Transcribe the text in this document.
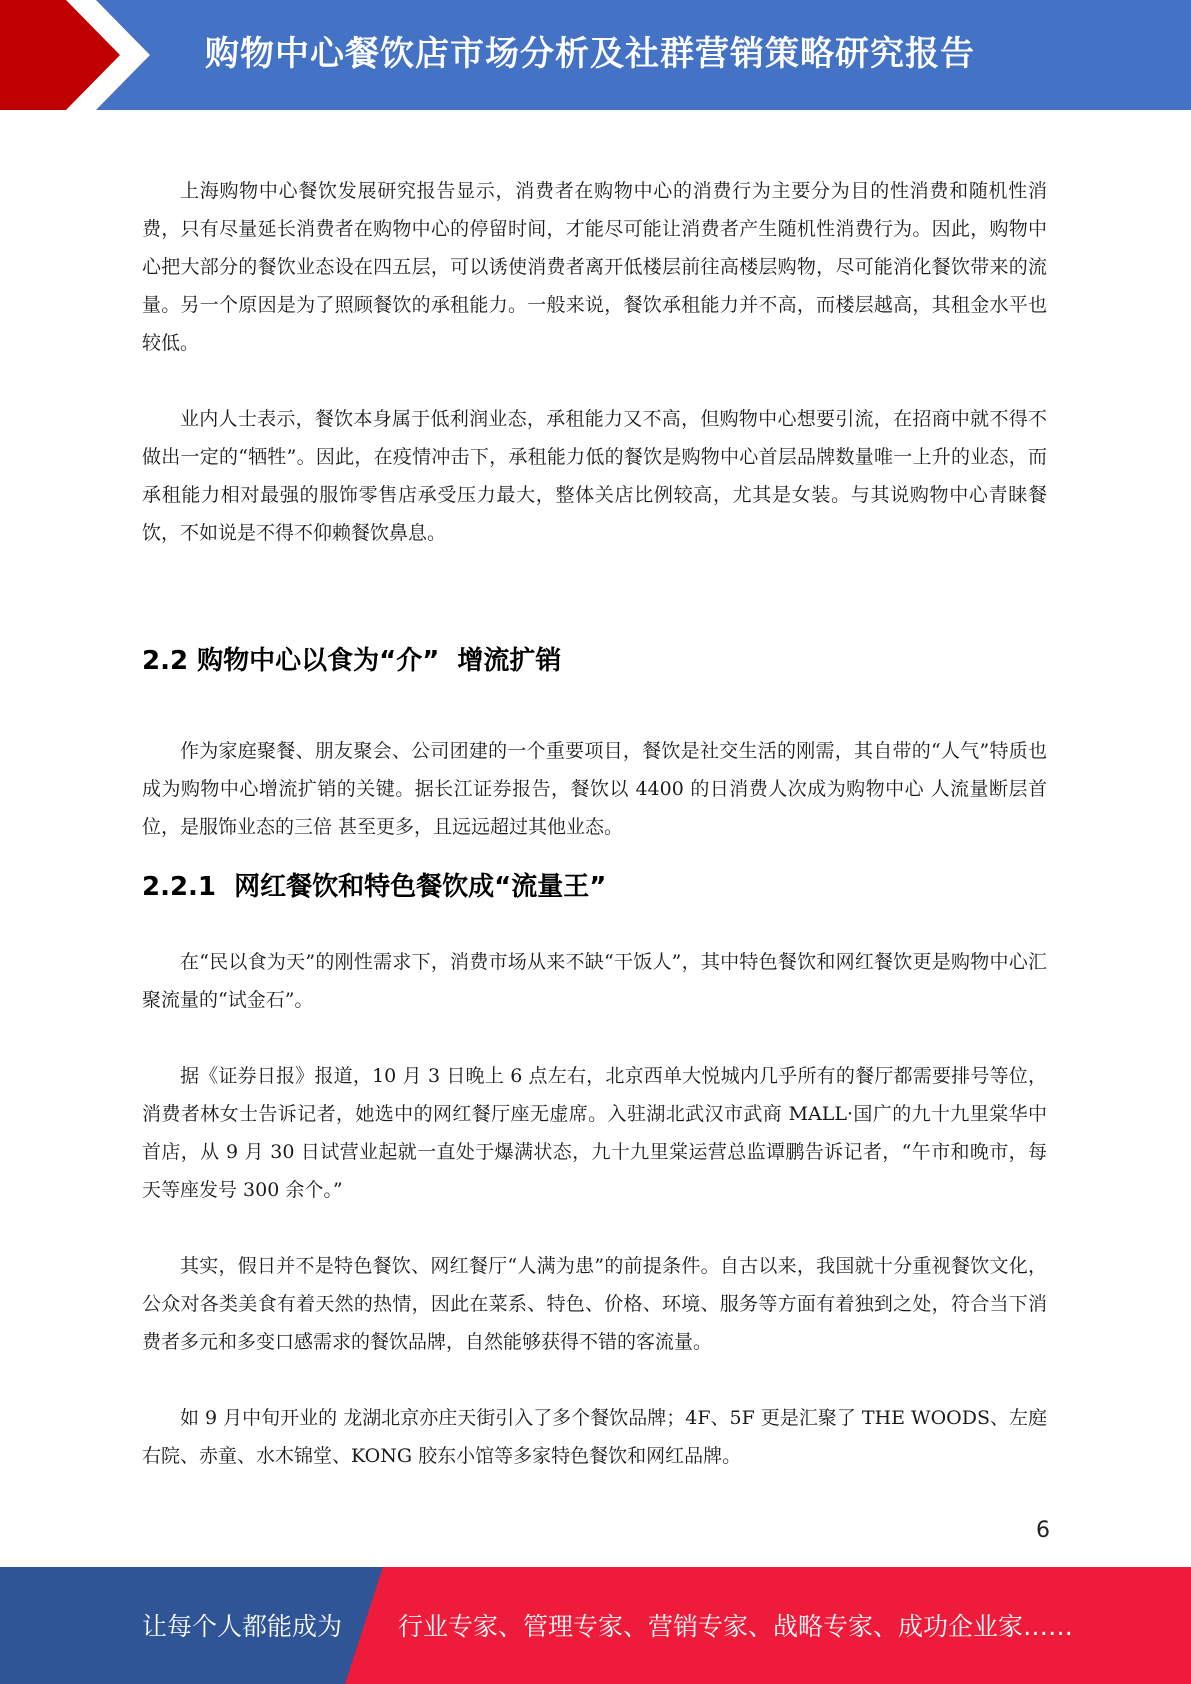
购物中心餐饮店市场分析及社群营销策略研究报告

上海购物中心餐饮发展研究报告显示，消费者在购物中心的消费行为主要分为目的性消费和随机性消费，只有尽量延长消费者在购物中心的停留时间，才能尽可能让消费者产生随机性消费行为。因此，购物中心把大部分的餐饮业态设在四五层，可以诱使消费者离开低楼层前往高楼层购物，尽可能消化餐饮带来的流量。另一个原因是为了照顾餐饮的承租能力。一般来说，餐饮承租能力并不高，而楼层越高，其租金水平也较低。

业内人士表示，餐饮本身属于低利润业态，承租能力又不高，但购物中心想要引流，在招商中就不得不做出一定的“牺牲”。因此，在疫情冲击下，承租能力低的餐饮是购物中心首层品牌数量唯一上升的业态，而承租能力相对最强的服饰零售店承受压力最大，整体关店比例较高，尤其是女装。与其说购物中心青睐餐饮，不如说是不得不仰赖餐饮鼻息。

2.2 购物中心以食为“介”  增流扩销

作为家庭聚餐、朋友聚会、公司团建的一个重要项目，餐饮是社交生活的刚需，其自带的“人气”特质也成为购物中心增流扩销的关键。据长江证券报告，餐饮以 4400 的日消费人次成为购物中心 人流量断层首位，是服饰业态的三倍 甚至更多，且远远超过其他业态。

2.2.1  网红餐饮和特色餐饮成“流量王”

在“民以食为天”的刚性需求下，消费市场从来不缺“干饭人”，其中特色餐饮和网红餐饮更是购物中心汇聚流量的“试金石”。

据《证券日报》报道，10 月 3 日晚上 6 点左右，北京西单大悦城内几乎所有的餐厅都需要排号等位，消费者林女士告诉记者，她选中的网红餐厅座无虚席。入驻湖北武汉市武商 MALL·国广的九十九里棠华中首店，从 9 月 30 日试营业起就一直处于爆满状态，九十九里棠运营总监谭鹏告诉记者，“午市和晚市，每天等座发号 300 余个。”

其实，假日并不是特色餐饮、网红餐厅“人满为患”的前提条件。自古以来，我国就十分重视餐饮文化，公众对各类美食有着天然的热情，因此在菜系、特色、价格、环境、服务等方面有着独到之处，符合当下消费者多元和多变口感需求的餐饮品牌，自然能够获得不错的客流量。

如 9 月中旬开业的 龙湖北京亦庄天街引入了多个餐饮品牌；4F、5F 更是汇聚了 THE WOODS、左庭右院、赤童、水木锦堂、KONG 胶东小馆等多家特色餐饮和网红品牌。

6
让每个人都能成为 行业专家、管理专家、营销专家、战略专家、成功企业家……
